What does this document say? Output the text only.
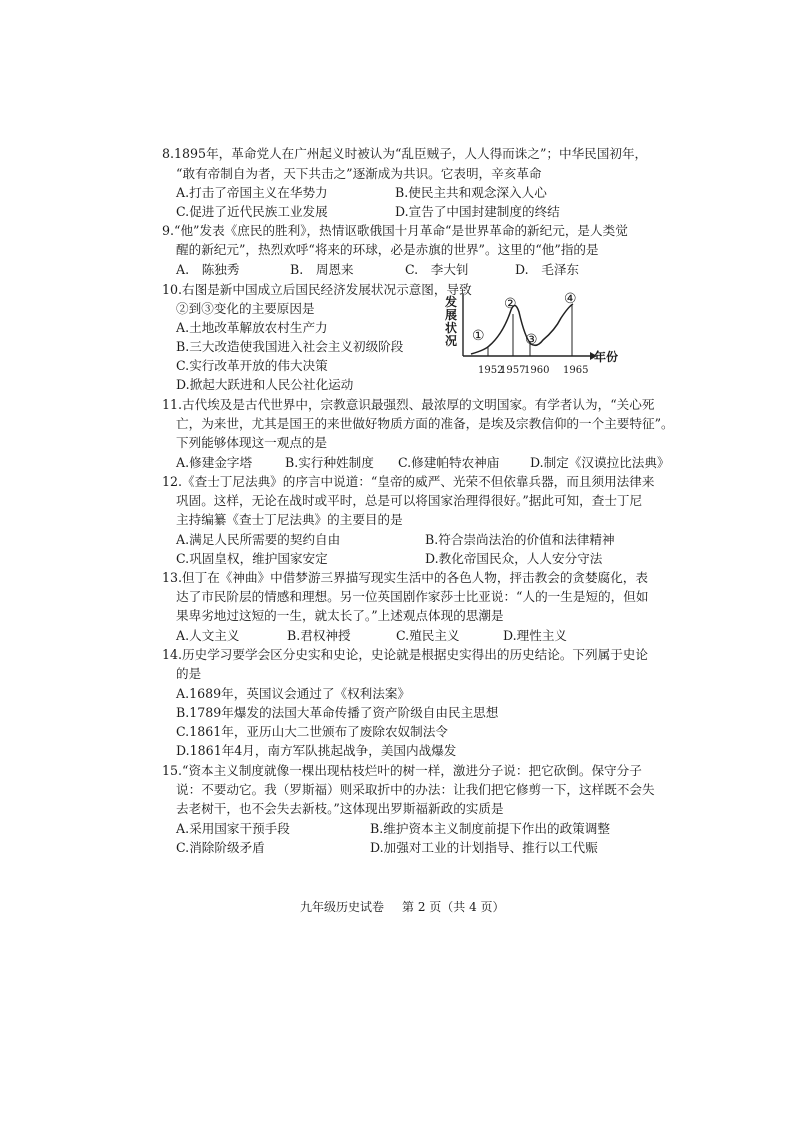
8.1895年，革命党人在广州起义时被认为“乱臣贼子，人人得而诛之”；中华民国初年，
“敢有帝制自为者，天下共击之”逐渐成为共识。它表明，辛亥革命
A.打击了帝国主义在华势力	B.使民主共和观念深入人心
C.促进了近代民族工业发展	D.宣告了中国封建制度的终结
9.“他”发表《庶民的胜利》，热情讴歌俄国十月革命“是世界革命的新纪元，是人类觉
醒的新纪元”，热烈欢呼“将来的环球，必是赤旗的世界”。这里的“他”指的是
A.　陈独秀	B.　周恩来	C.　李大钊	D.　毛泽东
10.右图是新中国成立后国民经济发展状况示意图，导致
②到③变化的主要原因是
A.土地改革解放农村生产力
B.三大改造使我国进入社会主义初级阶段
C.实行改革开放的伟大决策
D.掀起大跃进和人民公社化运动
发
展
状
况
年份
①
②
③
④
1952
1957
1960 1965
11.古代埃及是古代世界中，宗教意识最强烈、最浓厚的文明国家。有学者认为，“关心死
亡，为来世，尤其是国王的来世做好物质方面的准备，是埃及宗教信仰的一个主要特征”。
下列能够体现这一观点的是
A.修建金字塔	B.实行种姓制度 C.修建帕特农神庙 D.制定《汉谟拉比法典》
12.《查士丁尼法典》的序言中说道：“皇帝的威严、光荣不但依靠兵器，而且须用法律来
巩固。这样，无论在战时或平时，总是可以将国家治理得很好。”据此可知，查士丁尼
主持编纂《查士丁尼法典》的主要目的是
A.满足人民所需要的契约自由	B.符合崇尚法治的价值和法律精神
C.巩固皇权，维护国家安定	D.教化帝国民众，人人安分守法
13.但丁在《神曲》中借梦游三界描写现实生活中的各色人物，抨击教会的贪婪腐化，表
达了市民阶层的情感和理想。另一位英国剧作家莎士比亚说：“人的一生是短的，但如
果卑劣地过这短的一生，就太长了。”上述观点体现的思潮是
A.人文主义	B.君权神授	C.殖民主义	D.理性主义
14.历史学习要学会区分史实和史论，史论就是根据史实得出的历史结论。下列属于史论
的是
A.1689年，英国议会通过了《权利法案》
B.1789年爆发的法国大革命传播了资产阶级自由民主思想
C.1861年，亚历山大二世颁布了废除农奴制法令
D.1861年4月，南方军队挑起战争，美国内战爆发
15.“资本主义制度就像一棵出现枯枝烂叶的树一样，激进分子说：把它砍倒。保守分子
说：不要动它。我（罗斯福）则采取折中的办法：让我们把它修剪一下，这样既不会失
去老树干，也不会失去新枝。”这体现出罗斯福新政的实质是
A.采用国家干预手段	B.维护资本主义制度前提下作出的政策调整
C.消除阶级矛盾	D.加强对工业的计划指导、推行以工代赈
九年级历史试卷 第 2 页（共 4 页）
